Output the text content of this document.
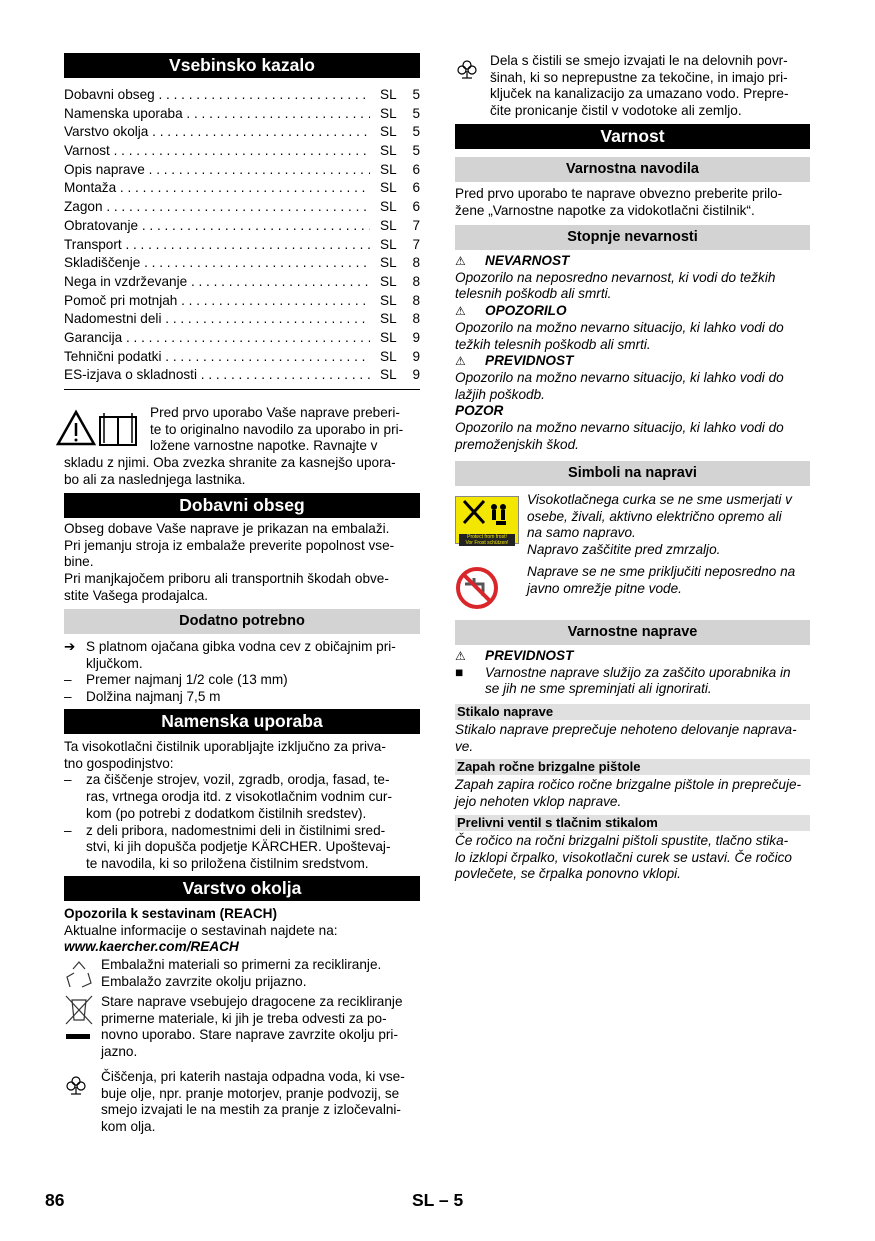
Vsebinsko kazalo
Dobavni obseg . . .	SL	5
Namenska uporaba . . .	SL	5
Varstvo okolja . . .	SL	5
Varnost . . .	SL	5
Opis naprave . . .	SL	6
Montaža . . .	SL	6
Zagon . . .	SL	6
Obratovanje . . .	SL	7
Transport . . .	SL	7
Skladiščenje . . .	SL	8
Nega in vzdrževanje . . .	SL	8
Pomoč pri motnjah . . .	SL	8
Nadomestni deli . . .	SL	8
Garancija . . .	SL	9
Tehnični podatki . . .	SL	9
ES-izjava o skladnosti . . .	SL	9
Pred prvo uporabo Vaše naprave preberi-
te to originalno navodilo za uporabo in pri-
ložene varnostne napotke. Ravnajte v
skladu z njimi. Oba zvezka shranite za kasnejšo upora-
bo ali za naslednjega lastnika.
Dobavni obseg
Obseg dobave Vaše naprave je prikazan na embalaži.
Pri jemanju stroja iz embalaže preverite popolnost vse-
bine.
Pri manjkajočem priboru ali transportnih škodah obve-
stite Vašega prodajalca.
Dodatno potrebno
➔ S platnom ojačana gibka vodna cev z običajnim pri-
ključkom.
–	Premer najmanj 1/2 cole (13 mm)
–	Dolžina najmanj 7,5 m
Namenska uporaba
Ta visokotlačni čistilnik uporabljajte izključno za priva-
tno gospodinjstvo:
–	za čiščenje strojev, vozil, zgradb, orodja, fasad, te-
ras, vrtnega orodja itd. z visokotlačnim vodnim cur-
kom (po potrebi z dodatkom čistilnih sredstev).
–	z deli pribora, nadomestnimi deli in čistilnimi sred-
stvi, ki jih dopušča podjetje KÄRCHER. Upoštevaj-
te navodila, ki so priložena čistilnim sredstvom.
Varstvo okolja
Opozorila k sestavinam (REACH)
Aktualne informacije o sestavinah najdete na:
www.kaercher.com/REACH
Embalažni materiali so primerni za recikliranje.
Embalažo zavrzite okolju prijazno.
Stare naprave vsebujejo dragocene za recikliranje
primerne materiale, ki jih je treba odvesti za po-
novno uporabo. Stare naprave zavrzite okolju pri-
jazno.
Čiščenja, pri katerih nastaja odpadna voda, ki vse-
buje olje, npr. pranje motorjev, pranje podvozij, se
smejo izvajati le na mestih za pranje z izločevalni-
kom olja.
Dela s čistili se smejo izvajati le na delovnih povr-
šinah, ki so neprepustne za tekočine, in imajo pri-
ključek na kanalizacijo za umazano vodo. Prepre-
čite pronicanje čistil v vodotoke ali zemljo.
Varnost
Varnostna navodila
Pred prvo uporabo te naprave obvezno preberite prilo-
žene „Varnostne napotke za vidokotlačni čistilnik“.
Stopnje nevarnosti
⚠	NEVARNOST
Opozorilo na neposredno nevarnost, ki vodi do težkih
telesnih poškodb ali smrti.
⚠	OPOZORILO
Opozorilo na možno nevarno situacijo, ki lahko vodi do
težkih telesnih poškodb ali smrti.
⚠	PREVIDNOST
Opozorilo na možno nevarno situacijo, ki lahko vodi do
lažjih poškodb.
POZOR
Opozorilo na možno nevarno situacijo, ki lahko vodi do
premoženjskih škod.
Simboli na napravi
Protect from frost!
Vor Frost schützen!
Visokotlačnega curka se ne sme usmerjati v
osebe, živali, aktivno električno opremo ali
na samo napravo.
Napravo zaščitite pred zmrzaljo.
Naprave se ne sme priključiti neposredno na
javno omrežje pitne vode.
Varnostne naprave
⚠	PREVIDNOST
■	Varnostne naprave služijo za zaščito uporabnika in
se jih ne sme spreminjati ali ignorirati.
Stikalo naprave
Stikalo naprave preprečuje nehoteno delovanje naprava-
ve.
Zapah ročne brizgalne pištole
Zapah zapira ročico ročne brizgalne pištole in preprečuje-
jejo nehoten vklop naprave.
Prelivni ventil s tlačnim stikalom
Če ročico na ročni brizgalni pištoli spustite, tlačno stika-
lo izklopi črpalko, visokotlačni curek se ustavi. Če ročico
povlečete, se črpalka ponovno vklopi.
86	SL – 5
